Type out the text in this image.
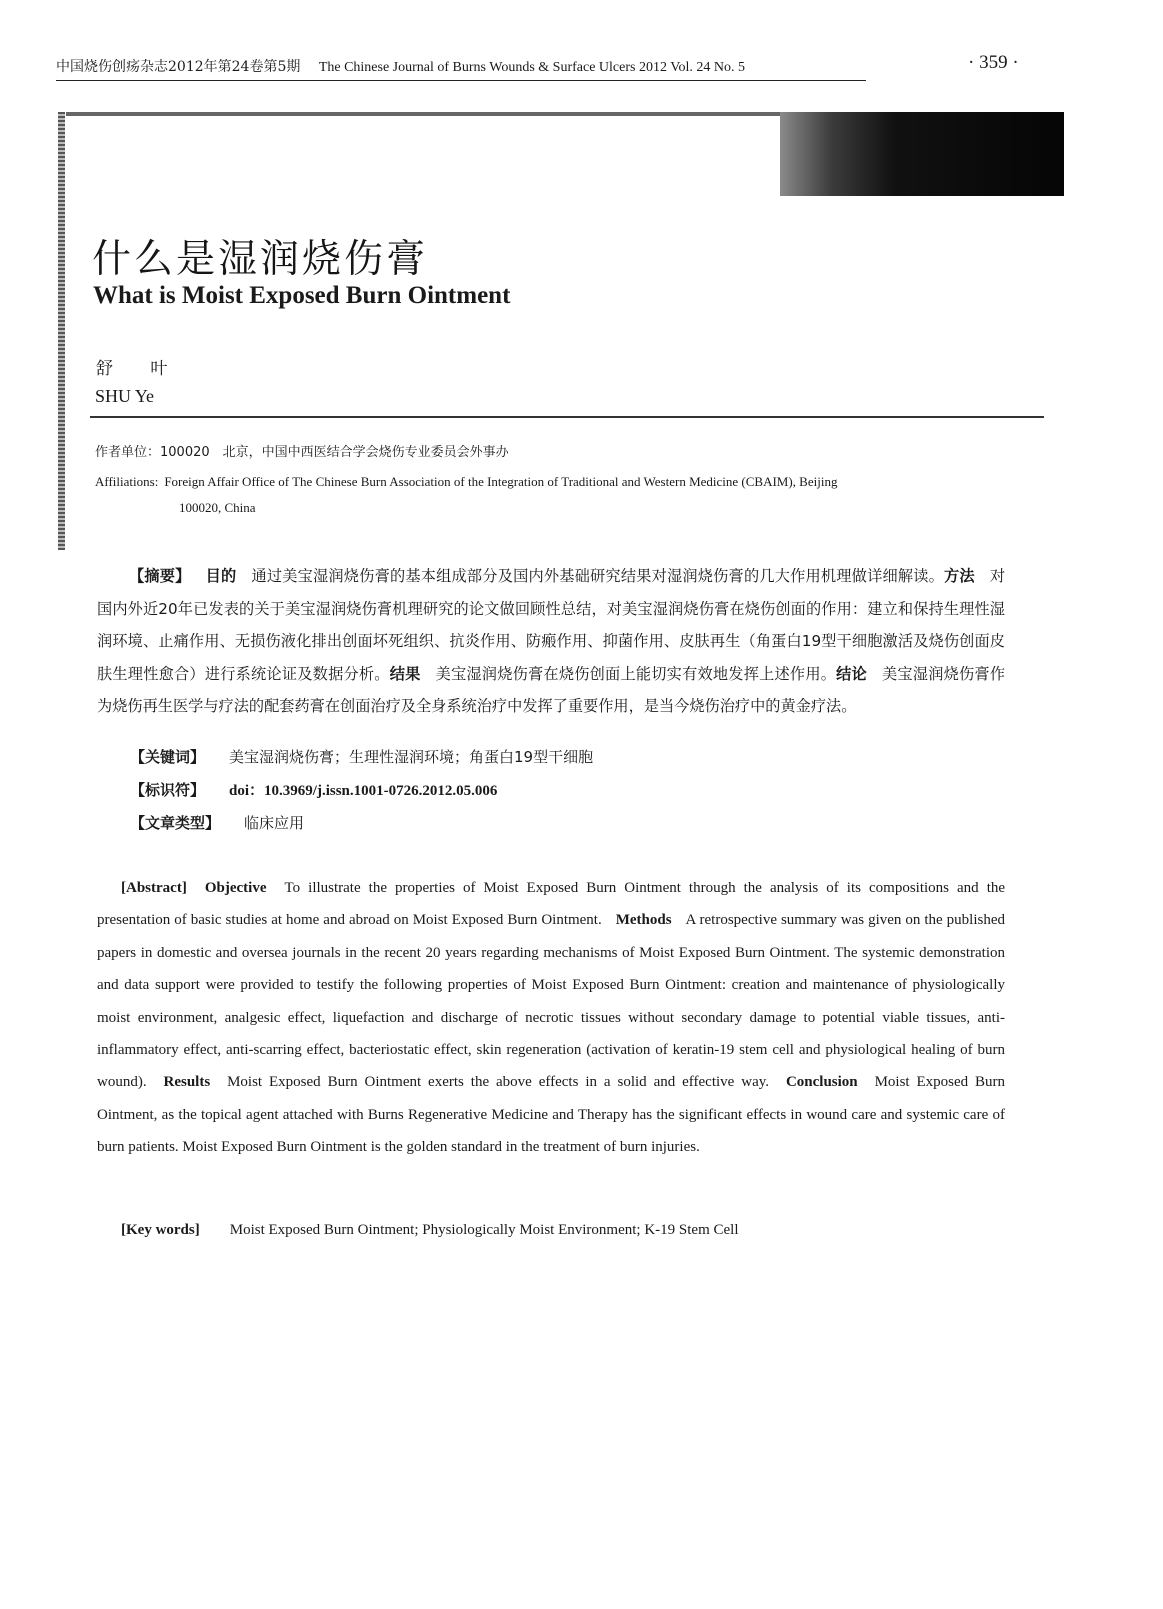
中国烧伤创疡杂志2012年第24卷第5期 The Chinese Journal of Burns Wounds & Surface Ulcers 2012 Vol. 24 No. 5	· 359 ·
什么是湿润烧伤膏
What is Moist Exposed Burn Ointment
舒 叶
SHU Ye
作者单位：100020　北京，中国中西医结合学会烧伤专业委员会外事办
Affiliations: Foreign Affair Office of The Chinese Burn Association of the Integration of Traditional and Western Medicine (CBAIM), Beijing
100020, China
【摘要】 目的 通过美宝湿润烧伤膏的基本组成部分及国内外基础研究结果对湿润烧伤膏的几大作用机理做详细解读。方法 对国内外近20年已发表的关于美宝湿润烧伤膏机理研究的论文做回顾性总结，对美宝湿润烧伤膏在烧伤创面的作用：建立和保持生理性湿润环境、止痛作用、无损伤液化排出创面坏死组织、抗炎作用、防瘢作用、抑菌作用、皮肤再生（角蛋白19型干细胞激活及烧伤创面皮肤生理性愈合）进行系统论证及数据分析。结果 美宝湿润烧伤膏在烧伤创面上能切实有效地发挥上述作用。结论 美宝湿润烧伤膏作为烧伤再生医学与疗法的配套药膏在创面治疗及全身系统治疗中发挥了重要作用，是当今烧伤治疗中的黄金疗法。
【关键词】 美宝湿润烧伤膏；生理性湿润环境；角蛋白19型干细胞
【标识符】 doi：10.3969/j.issn.1001-0726.2012.05.006
【文章类型】 临床应用
[Abstract] Objective To illustrate the properties of Moist Exposed Burn Ointment through the analysis of its compositions and the presentation of basic studies at home and abroad on Moist Exposed Burn Ointment. Methods A retrospective summary was given on the published papers in domestic and oversea journals in the recent 20 years regarding mechanisms of Moist Exposed Burn Ointment. The systemic demonstration and data support were provided to testify the following properties of Moist Exposed Burn Ointment: creation and maintenance of physiologically moist environment, analgesic effect, liquefaction and discharge of necrotic tissues without secondary damage to potential viable tissues, anti-inflammatory effect, anti-scarring effect, bacteriostatic effect, skin regeneration (activation of keratin-19 stem cell and physiological healing of burn wound). Results Moist Exposed Burn Ointment exerts the above effects in a solid and effective way. Conclusion Moist Exposed Burn Ointment, as the topical agent attached with Burns Regenerative Medicine and Therapy has the significant effects in wound care and systemic care of burn patients. Moist Exposed Burn Ointment is the golden standard in the treatment of burn injuries.
[Key words] Moist Exposed Burn Ointment; Physiologically Moist Environment; K-19 Stem Cell
